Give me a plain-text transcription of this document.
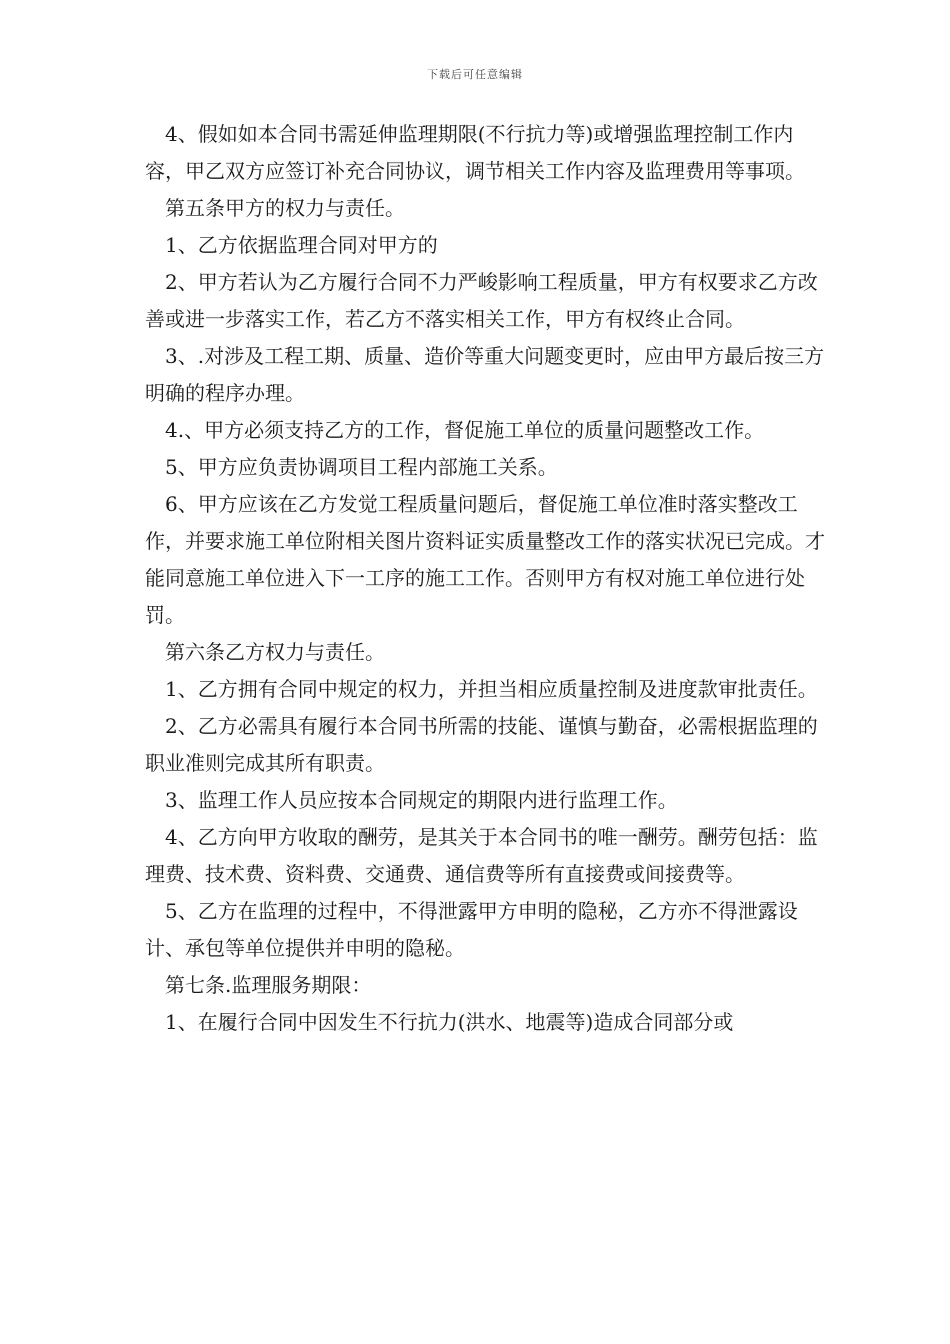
下载后可任意编辑

4、假如如本合同书需延伸监理期限(不行抗力等)或增强监理控制工作内容，甲乙双方应签订补充合同协议，调节相关工作内容及监理费用等事项。

第五条甲方的权力与责任。

1、乙方依据监理合同对甲方的

2、甲方若认为乙方履行合同不力严峻影响工程质量，甲方有权要求乙方改善或进一步落实工作，若乙方不落实相关工作，甲方有权终止合同。

3、.对涉及工程工期、质量、造价等重大问题变更时，应由甲方最后按三方明确的程序办理。

4.、甲方必须支持乙方的工作，督促施工单位的质量问题整改工作。

5、甲方应负责协调项目工程内部施工关系。

6、甲方应该在乙方发觉工程质量问题后，督促施工单位准时落实整改工作，并要求施工单位附相关图片资料证实质量整改工作的落实状况已完成。才能同意施工单位进入下一工序的施工工作。否则甲方有权对施工单位进行处罚。

第六条乙方权力与责任。

1、乙方拥有合同中规定的权力，并担当相应质量控制及进度款审批责任。

2、乙方必需具有履行本合同书所需的技能、谨慎与勤奋，必需根据监理的职业准则完成其所有职责。

3、监理工作人员应按本合同规定的期限内进行监理工作。

4、乙方向甲方收取的酬劳，是其关于本合同书的唯一酬劳。酬劳包括：监理费、技术费、资料费、交通费、通信费等所有直接费或间接费等。

5、乙方在监理的过程中，不得泄露甲方申明的隐秘，乙方亦不得泄露设计、承包等单位提供并申明的隐秘。

第七条.监理服务期限：

1、在履行合同中因发生不行抗力(洪水、地震等)造成合同部分或
